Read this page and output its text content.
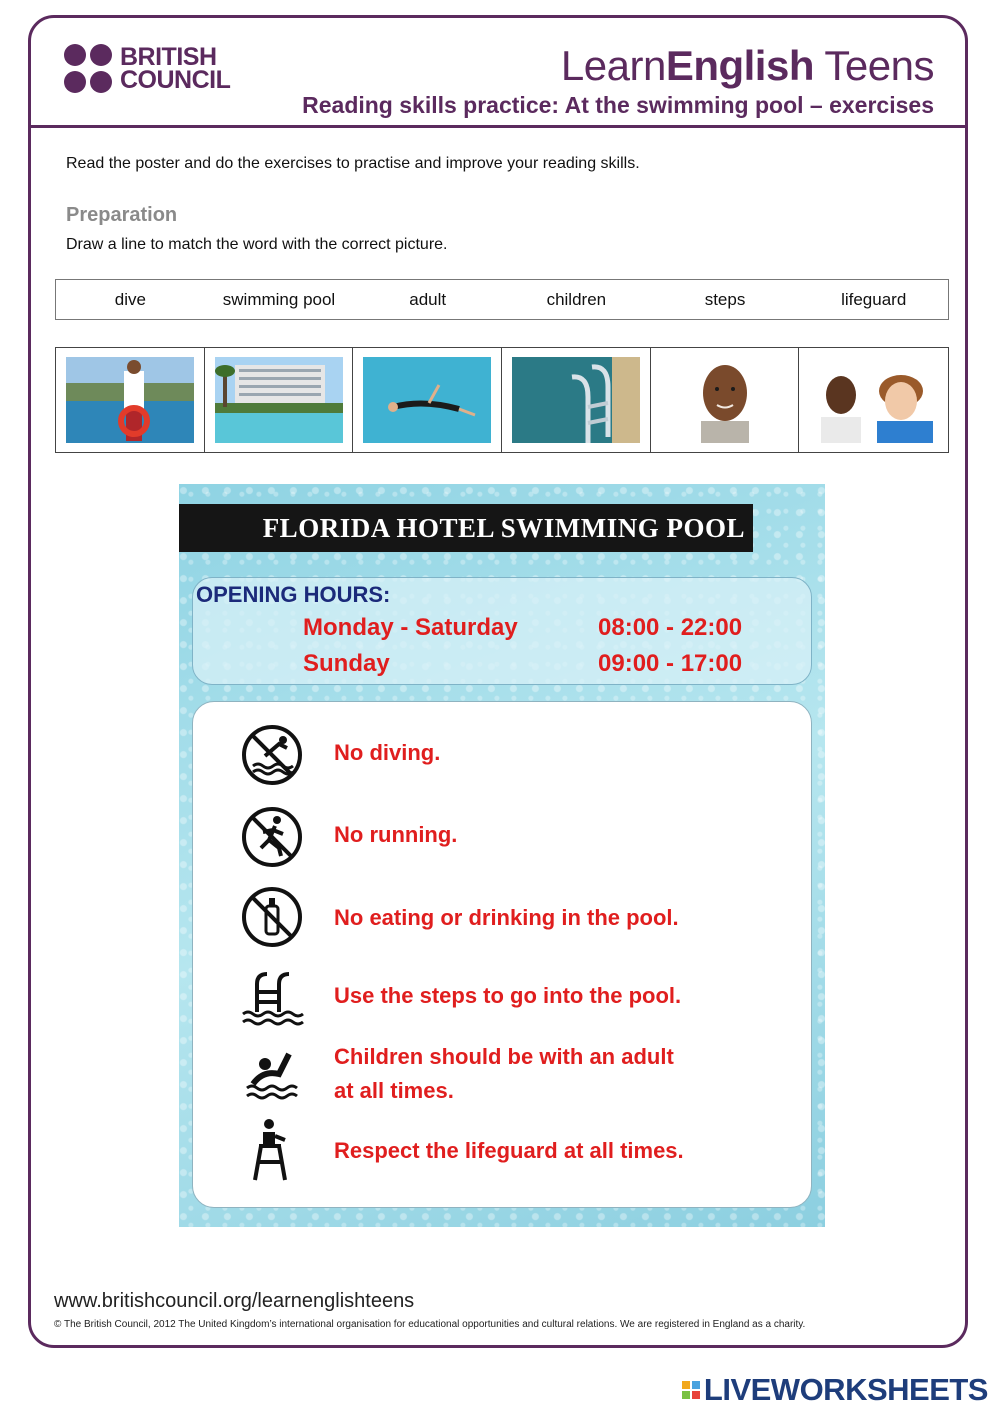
BRITISH
COUNCIL	LearnEnglish Teens
Reading skills practice: At the swimming pool – exercises
Read the poster and do the exercises to practise and improve your reading skills.
Preparation
Draw a line to match the word with the correct picture.
dive	swimming pool	adult	children	steps	lifeguard
FLORIDA HOTEL SWIMMING POOL
OPENING HOURS:
Monday - Saturday	08:00 - 22:00
Sunday	09:00 - 17:00
No diving.
No running.
No eating or drinking in the pool.
Use the steps to go into the pool.
Children should be with an adult
at all times.
Respect the lifeguard at all times.
www.britishcouncil.org/learnenglishteens
© The British Council, 2012 The United Kingdom’s international organisation for educational opportunities and cultural relations. We are registered in England as a charity.
LIVEWORKSHEETS
